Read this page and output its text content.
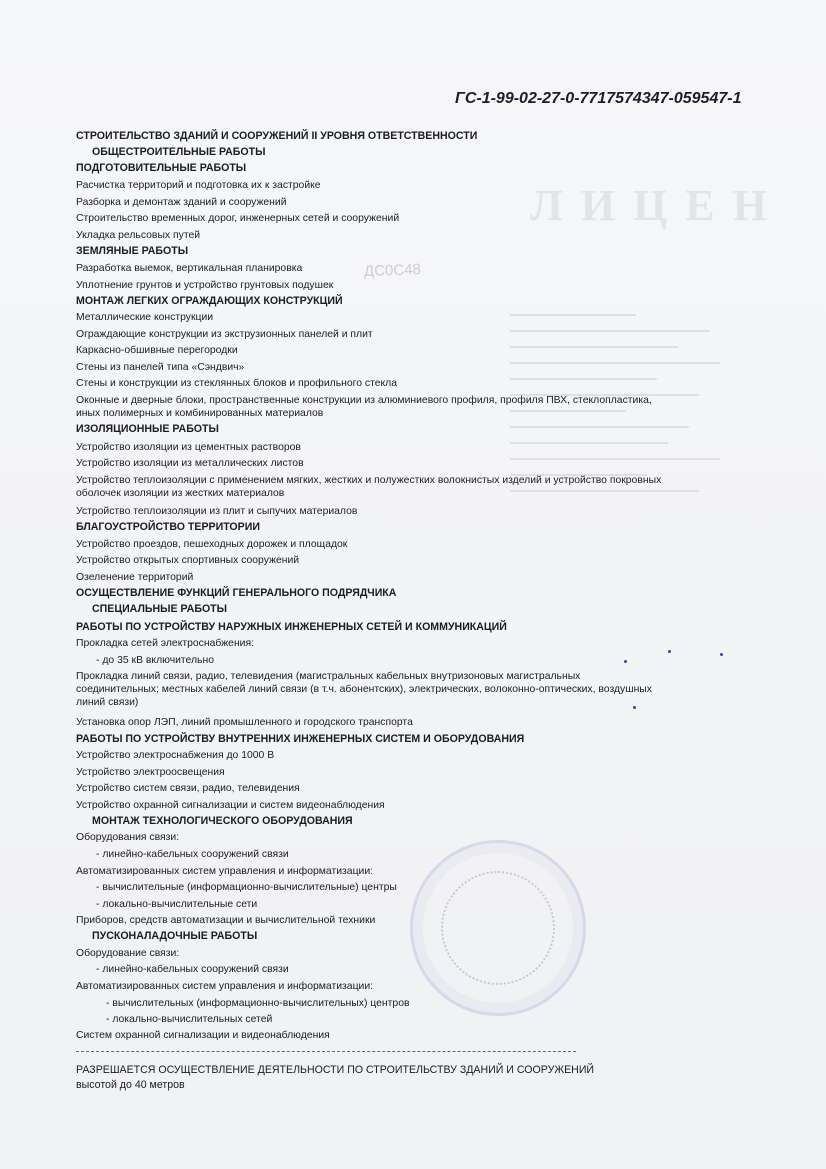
ЛИЦЕН
ДС0С48
ГС-1-99-02-27-0-7717574347-059547-1
СТРОИТЕЛЬСТВО ЗДАНИЙ И СООРУЖЕНИЙ II УРОВНЯ ОТВЕТСТВЕННОСТИ
ОБЩЕСТРОИТЕЛЬНЫЕ РАБОТЫ
ПОДГОТОВИТЕЛЬНЫЕ РАБОТЫ
Расчистка территорий и подготовка их к застройке
Разборка и демонтаж зданий и сооружений
Строительство временных дорог, инженерных сетей и сооружений
Укладка рельсовых путей
ЗЕМЛЯНЫЕ РАБОТЫ
Разработка выемок, вертикальная планировка
Уплотнение грунтов и устройство грунтовых подушек
МОНТАЖ ЛЕГКИХ ОГРАЖДАЮЩИХ КОНСТРУКЦИЙ
Металлические конструкции
Ограждающие конструкции из экструзионных панелей и плит
Каркасно-обшивные перегородки
Стены из панелей типа «Сэндвич»
Стены и конструкции из стеклянных блоков и профильного стекла
Оконные и дверные блоки, пространственные конструкции из алюминиевого профиля, профиля ПВХ, стеклопластика, иных полимерных и комбинированных материалов
ИЗОЛЯЦИОННЫЕ РАБОТЫ
Устройство изоляции из цементных растворов
Устройство изоляции из металлических листов
Устройство теплоизоляции с применением мягких, жестких и полужестких волокнистых изделий и устройство покровных оболочек изоляции из жестких материалов
Устройство теплоизоляции из плит и сыпучих материалов
БЛАГОУСТРОЙСТВО ТЕРРИТОРИИ
Устройство проездов, пешеходных дорожек и площадок
Устройство открытых спортивных сооружений
Озеленение территорий
ОСУЩЕСТВЛЕНИЕ ФУНКЦИЙ ГЕНЕРАЛЬНОГО ПОДРЯДЧИКА
СПЕЦИАЛЬНЫЕ РАБОТЫ
РАБОТЫ ПО УСТРОЙСТВУ НАРУЖНЫХ ИНЖЕНЕРНЫХ СЕТЕЙ И КОММУНИКАЦИЙ
Прокладка сетей электроснабжения:
- до 35 кВ включительно
Прокладка линий связи, радио, телевидения (магистральных кабельных внутризоновых магистральных соединительных; местных кабелей линий связи (в т.ч. абонентских), электрических, волоконно-оптических, воздушных линий связи)
Установка опор ЛЭП, линий промышленного и городского транспорта
РАБОТЫ ПО УСТРОЙСТВУ ВНУТРЕННИХ ИНЖЕНЕРНЫХ СИСТЕМ И ОБОРУДОВАНИЯ
Устройство электроснабжения до 1000 В
Устройство электроосвещения
Устройство систем связи, радио, телевидения
Устройство охранной сигнализации и систем видеонаблюдения
МОНТАЖ ТЕХНОЛОГИЧЕСКОГО ОБОРУДОВАНИЯ
Оборудования связи:
- линейно-кабельных сооружений связи
Автоматизированных систем управления и информатизации:
- вычислительные (информационно-вычислительные) центры
- локально-вычислительные сети
Приборов, средств автоматизации и вычислительной техники
ПУСКОНАЛАДОЧНЫЕ РАБОТЫ
Оборудование связи:
- линейно-кабельных сооружений связи
Автоматизированных систем управления и информатизации:
- вычислительных (информационно-вычислительных) центров
- локально-вычислительных сетей
Систем охранной сигнализации и видеонаблюдения
РАЗРЕШАЕТСЯ ОСУЩЕСТВЛЕНИЕ ДЕЯТЕЛЬНОСТИ ПО СТРОИТЕЛЬСТВУ ЗДАНИЙ И СООРУЖЕНИЙ
высотой до 40 метров
